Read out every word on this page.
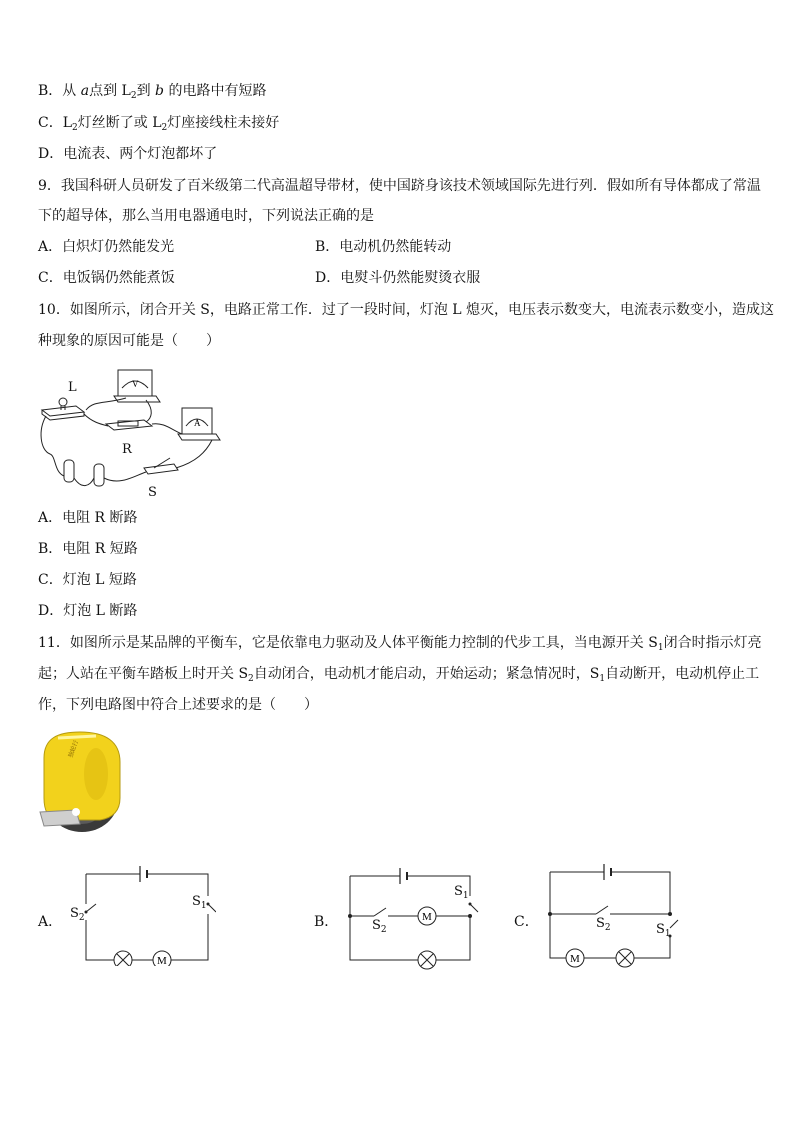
B．从 a点到 $L_2$到 b 的电路中有短路
C．$L_2$灯丝断了或 $L_2$灯座接线柱未接好
D．电流表、两个灯泡都坏了
9．我国科研人员研发了百米级第二代高温超导带材，使中国跻身该技术领域国际先进行列．假如所有导体都成了常温
下的超导体，那么当用电器通电时，下列说法正确的是
A．白炽灯仍然能发光	B．电动机仍然能转动
C．电饭锅仍然能煮饭	D．电熨斗仍然能熨烫衣服
10．如图所示，闭合开关 S，电路正常工作．过了一段时间，灯泡 L 熄灭，电压表示数变大，电流表示数变小，造成这
种现象的原因可能是（　　）
V
A
L
R
S
A．电阻 R 断路
B．电阻 R 短路
C．灯泡 L 短路
D．灯泡 L 断路
11．如图所示是某品牌的平衡车，它是依靠电力驱动及人体平衡能力控制的代步工具，当电源开关 $S_1$闭合时指示灯亮
起；人站在平衡车踏板上时开关 $S_2$自动闭合，电动机才能启动，开始运动；紧急情况时，$S_1$自动断开，电动机停止工
作，下列电路图中符合上述要求的是（　　）
独轮行
A．
M
$S_1$
$S_2$	B．	M
$S_1$
$S_2$	C．
M
$S_1$
$S_2$
